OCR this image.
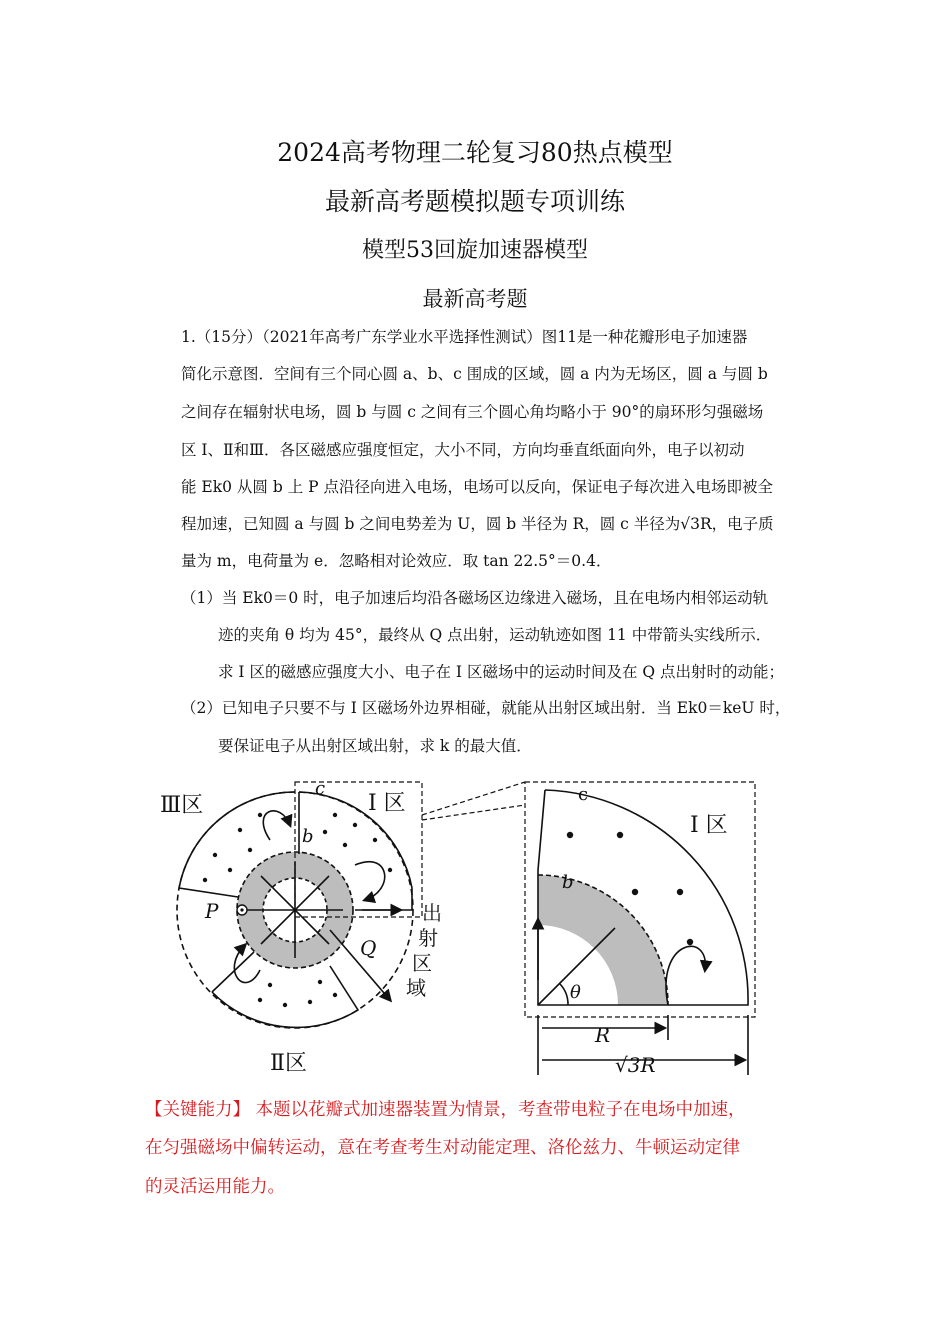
2024高考物理二轮复习80热点模型
最新高考题模拟题专项训练
模型53回旋加速器模型
最新高考题
1.（15分）（2021年高考广东学业水平选择性测试）图11是一种花瓣形电子加速器
简化示意图．空间有三个同心圆 a、b、c 围成的区域，圆 a 内为无场区，圆 a 与圆 b
之间存在辐射状电场，圆 b 与圆 c 之间有三个圆心角均略小于 90°的扇环形匀强磁场
区 I、Ⅱ和Ⅲ．各区磁感应强度恒定，大小不同，方向均垂直纸面向外，电子以初动
能 Ek0 从圆 b 上 P 点沿径向进入电场，电场可以反向，保证电子每次进入电场即被全
程加速，已知圆 a 与圆 b 之间电势差为 U，圆 b 半径为 R，圆 c 半径为√3R，电子质
量为 m，电荷量为 e．忽略相对论效应．取 tan 22.5°＝0.4．
（1）当 Ek0＝0 时，电子加速后均沿各磁场区边缘进入磁场，且在电场内相邻运动轨
迹的夹角 θ 均为 45°，最终从 Q 点出射，运动轨迹如图 11 中带箭头实线所示．
求 I 区的磁感应强度大小、电子在 I 区磁场中的运动时间及在 Q 点出射时的动能；
（2）已知电子只要不与 I 区磁场外边界相碰，就能从出射区域出射．当 Ek0＝keU 时，
要保证电子从出射区域出射，求 k 的最大值．
Ⅲ区	I 区
Ⅱ区
c
b
P
Q
出
射
区
域
I 区
c
b
θ
R
√3R
【关键能力】 本题以花瓣式加速器装置为情景，考查带电粒子在电场中加速，
在匀强磁场中偏转运动，意在考查考生对动能定理、洛伦兹力、牛顿运动定律
的灵活运用能力。
